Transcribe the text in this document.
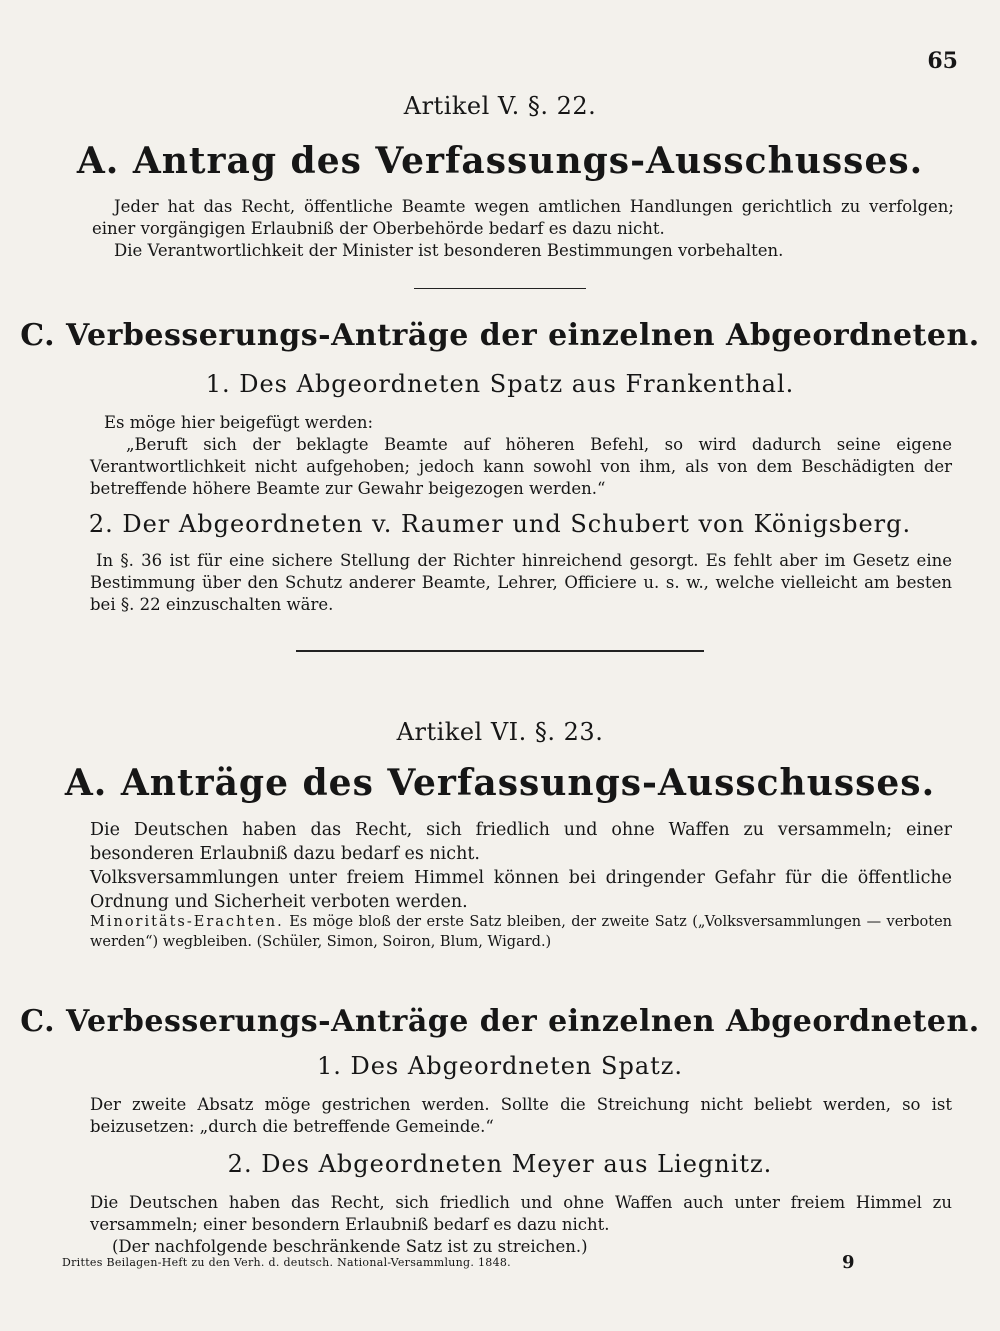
65
Artikel V. §. 22.
A. Antrag des Verfassungs-Ausschusses.

Jeder hat das Recht, öffentliche Beamte wegen amtlichen Handlungen gerichtlich zu verfolgen; einer vorgängigen Erlaubniß der Oberbehörde bedarf es dazu nicht.

Die Verantwortlichkeit der Minister ist besonderen Bestimmungen vorbehalten.

C. Verbesserungs-Anträge der einzelnen Abgeordneten.
1. Des Abgeordneten Spatz aus Frankenthal.

Es möge hier beigefügt werden:

„Beruft sich der beklagte Beamte auf höheren Befehl, so wird dadurch seine eigene Verantwortlichkeit nicht aufgehoben; jedoch kann sowohl von ihm, als von dem Beschädigten der betreffende höhere Beamte zur Gewahr beigezogen werden.“

2. Der Abgeordneten v. Raumer und Schubert von Königsberg.

In §. 36 ist für eine sichere Stellung der Richter hinreichend gesorgt. Es fehlt aber im Gesetz eine Bestimmung über den Schutz anderer Beamte, Lehrer, Officiere u. s. w., welche vielleicht am besten bei §. 22 einzuschalten wäre.

Artikel VI. §. 23.
A. Anträge des Verfassungs-Ausschusses.

Die Deutschen haben das Recht, sich friedlich und ohne Waffen zu versammeln; einer besonderen Erlaubniß dazu bedarf es nicht.

Volksversammlungen unter freiem Himmel können bei dringender Gefahr für die öffentliche Ordnung und Sicherheit verboten werden.

Minoritäts-Erachten. Es möge bloß der erste Satz bleiben, der zweite Satz („Volksversammlungen — verboten werden“) wegbleiben. (Schüler, Simon, Soiron, Blum, Wigard.)

C. Verbesserungs-Anträge der einzelnen Abgeordneten.
1. Des Abgeordneten Spatz.

Der zweite Absatz möge gestrichen werden. Sollte die Streichung nicht beliebt werden, so ist beizusetzen: „durch die betreffende Gemeinde.“

2. Des Abgeordneten Meyer aus Liegnitz.

Die Deutschen haben das Recht, sich friedlich und ohne Waffen auch unter freiem Himmel zu versammeln; einer besondern Erlaubniß bedarf es dazu nicht.

(Der nachfolgende beschränkende Satz ist zu streichen.)

Drittes Beilagen-Heft zu den Verh. d. deutsch. National-Versammlung. 1848.	9
